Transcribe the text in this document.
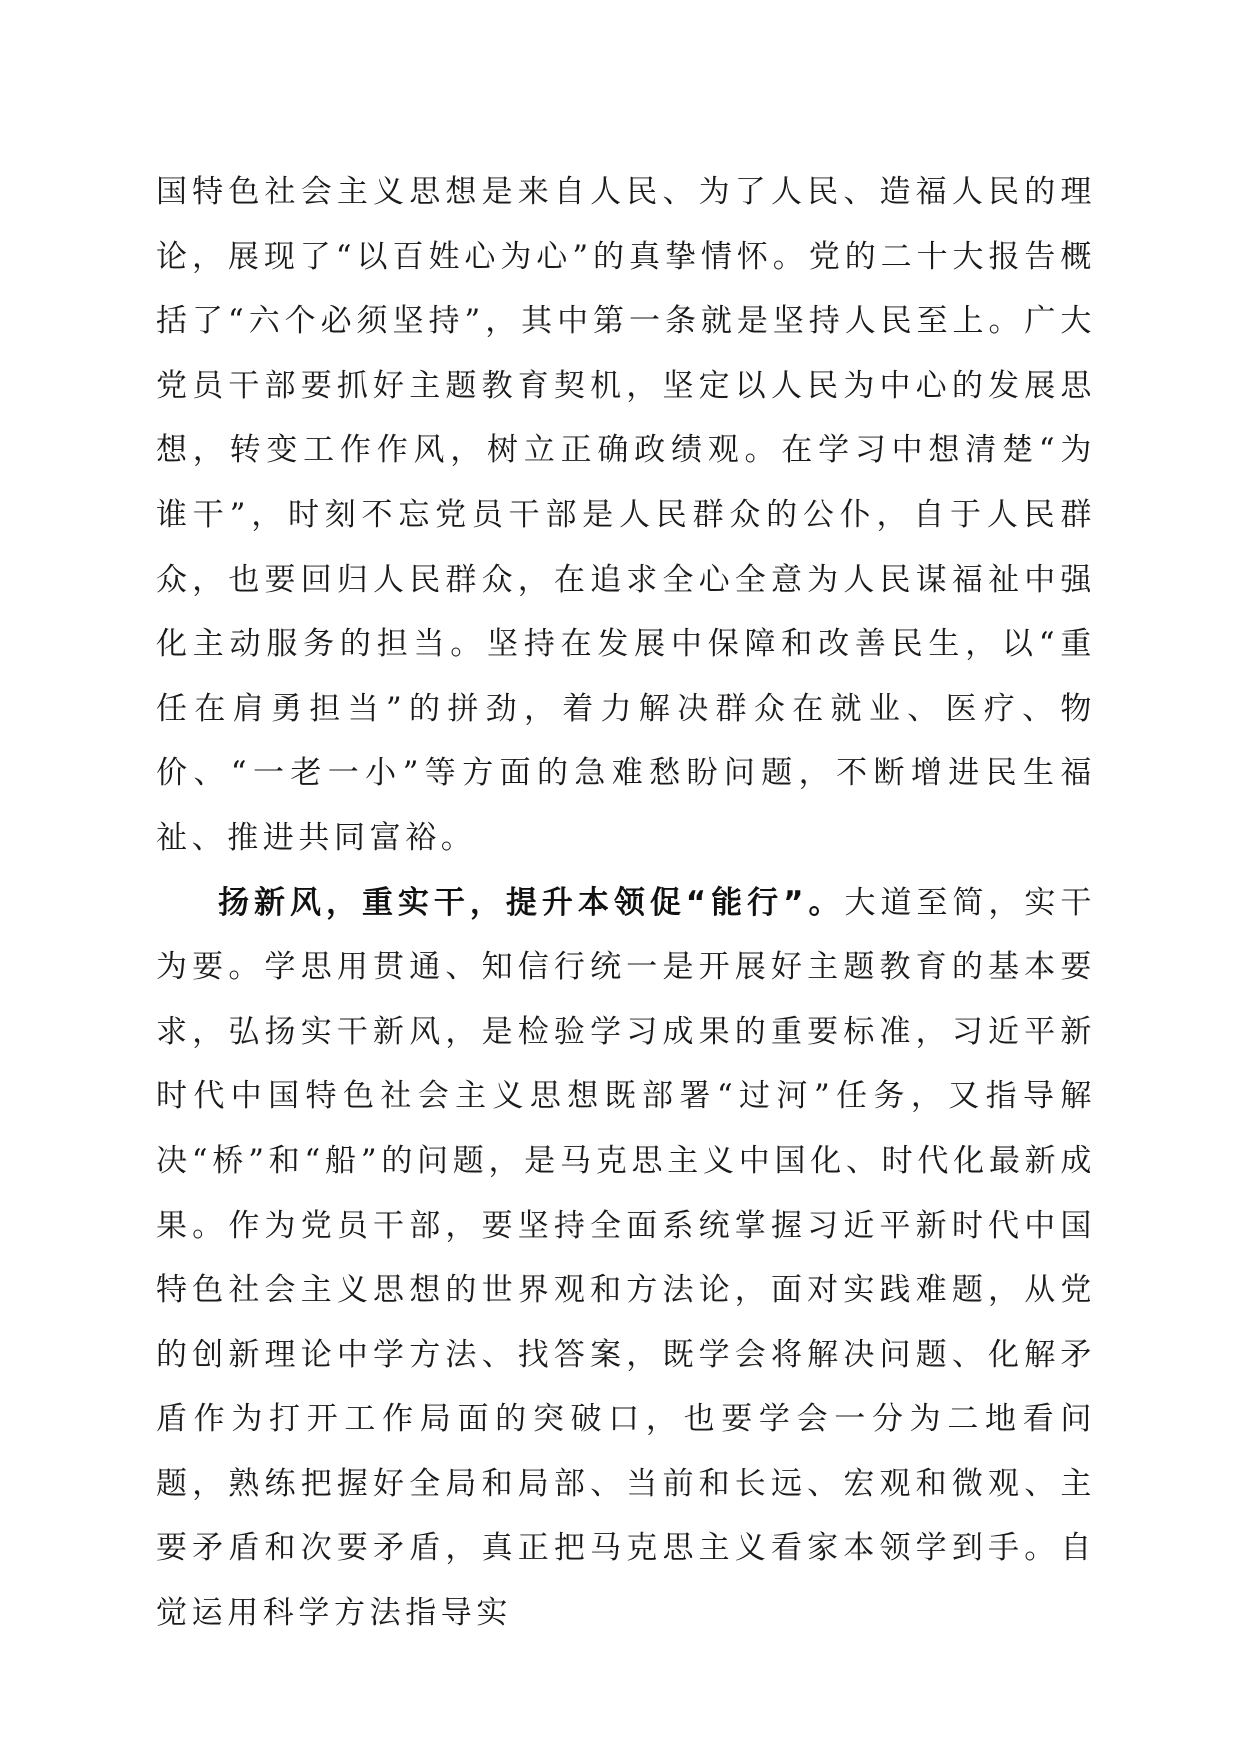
国特色社会主义思想是来自人民、为了人民、造福人民的理论，展现了“以百姓心为心”的真挚情怀。党的二十大报告概括了“六个必须坚持”，其中第一条就是坚持人民至上。广大党员干部要抓好主题教育契机，坚定以人民为中心的发展思想，转变工作作风，树立正确政绩观。在学习中想清楚“为谁干”，时刻不忘党员干部是人民群众的公仆，自于人民群众，也要回归人民群众，在追求全心全意为人民谋福祉中强化主动服务的担当。坚持在发展中保障和改善民生，以“重任在肩勇担当”的拼劲，着力解决群众在就业、医疗、物价、“一老一小”等方面的急难愁盼问题，不断增进民生福祉、推进共同富裕。

扬新风，重实干，提升本领促“能行”。大道至简，实干为要。学思用贯通、知信行统一是开展好主题教育的基本要求，弘扬实干新风，是检验学习成果的重要标准，习近平新时代中国特色社会主义思想既部署“过河”任务，又指导解决“桥”和“船”的问题，是马克思主义中国化、时代化最新成果。作为党员干部，要坚持全面系统掌握习近平新时代中国特色社会主义思想的世界观和方法论，面对实践难题，从党的创新理论中学方法、找答案，既学会将解决问题、化解矛盾作为打开工作局面的突破口，也要学会一分为二地看问题，熟练把握好全局和局部、当前和长远、宏观和微观、主要矛盾和次要矛盾，真正把马克思主义看家本领学到手。自觉运用科学方法指导实
